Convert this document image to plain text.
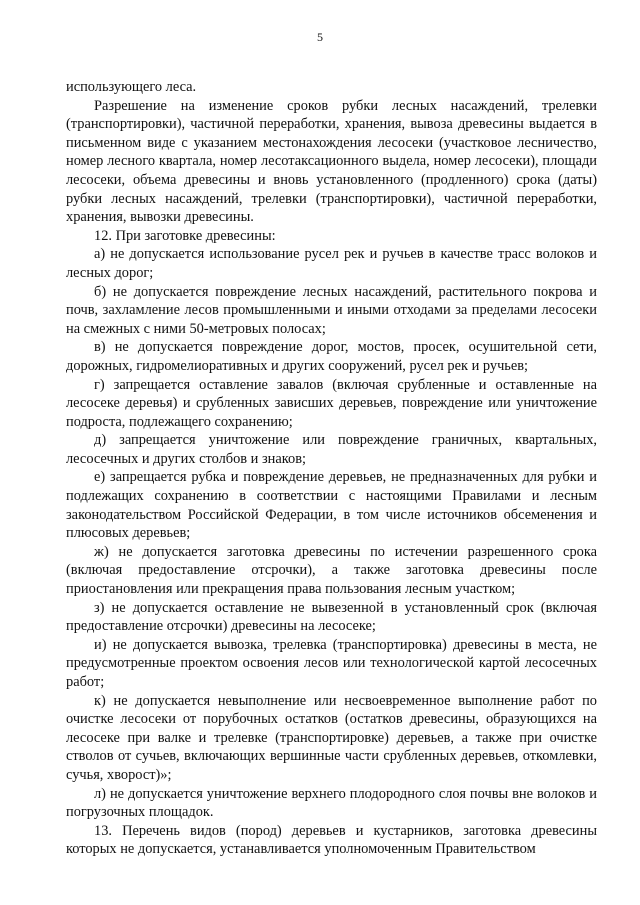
5

использующего леса.

Разрешение на изменение сроков рубки лесных насаждений, трелевки (транспортировки), частичной переработки, хранения, вывоза древесины выдается в письменном виде с указанием местонахождения лесосеки (участковое лесничество, номер лесного квартала, номер лесотаксационного выдела, номер лесосеки), площади лесосеки, объема древесины и вновь установленного (продленного) срока (даты) рубки лесных насаждений, трелевки (транспортировки), частичной переработки, хранения, вывозки древесины.

12. При заготовке древесины:

а) не допускается использование русел рек и ручьев в качестве трасс волоков и лесных дорог;

б) не допускается повреждение лесных насаждений, растительного покрова и почв, захламление лесов промышленными и иными отходами за пределами лесосеки на смежных с ними 50-метровых полосах;

в) не допускается повреждение дорог, мостов, просек, осушительной сети, дорожных, гидромелиоративных и других сооружений, русел рек и ручьев;

г) запрещается оставление завалов (включая срубленные и оставленные на лесосеке деревья) и срубленных зависших деревьев, повреждение или уничтожение подроста, подлежащего сохранению;

д) запрещается уничтожение или повреждение граничных, квартальных, лесосечных и других столбов и знаков;

е) запрещается рубка и повреждение деревьев, не предназначенных для рубки и подлежащих сохранению в соответствии с настоящими Правилами и лесным законодательством Российской Федерации, в том числе источников обсеменения и плюсовых деревьев;

ж) не допускается заготовка древесины по истечении разрешенного срока (включая предоставление отсрочки), а также заготовка древесины после приостановления или прекращения права пользования лесным участком;

з) не допускается оставление не вывезенной в установленный срок (включая предоставление отсрочки) древесины на лесосеке;

и) не допускается вывозка, трелевка (транспортировка) древесины в места, не предусмотренные проектом освоения лесов или технологической картой лесосечных работ;

к) не допускается невыполнение или несвоевременное выполнение работ по очистке лесосеки от порубочных остатков (остатков древесины, образующихся на лесосеке при валке и трелевке (транспортировке) деревьев, а также при очистке стволов от сучьев, включающих вершинные части срубленных деревьев, откомлевки, сучья, хворост)»;

л) не допускается уничтожение верхнего плодородного слоя почвы вне волоков и погрузочных площадок.

13. Перечень видов (пород) деревьев и кустарников, заготовка древесины которых не допускается, устанавливается уполномоченным Правительством
